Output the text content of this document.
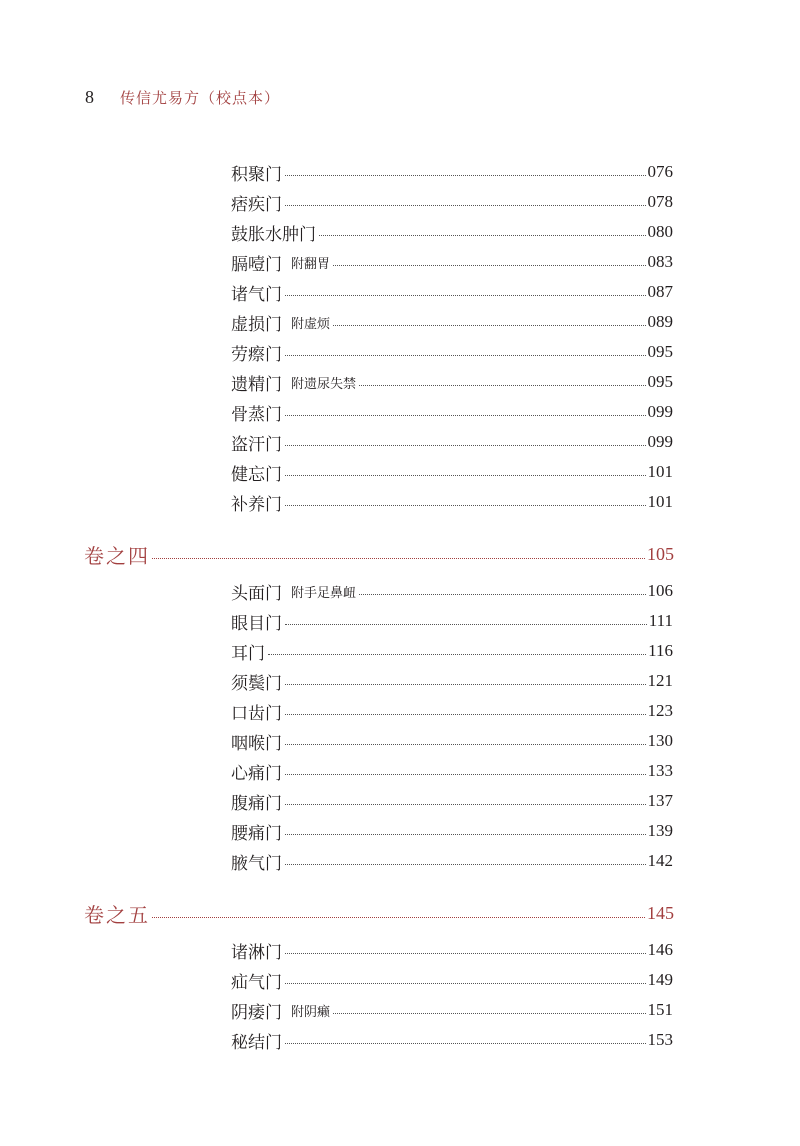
8 传信尤易方（校点本）
积聚门	076
痞疾门	078
鼓胀水肿门	080
膈噎门 附翻胃	083
诸气门	087
虚损门 附虚烦	089
劳瘵门	095
遗精门 附遗尿失禁	095
骨蒸门	099
盗汗门	099
健忘门	101
补养门	101
卷之四	105
头面门 附手足鼻衄	106
眼目门	111
耳门	116
须鬓门	121
口齿门	123
咽喉门	130
心痛门	133
腹痛门	137
腰痛门	139
腋气门	142
卷之五	145
诸淋门	146
疝气门	149
阴痿门 附阴癞	151
秘结门	153
